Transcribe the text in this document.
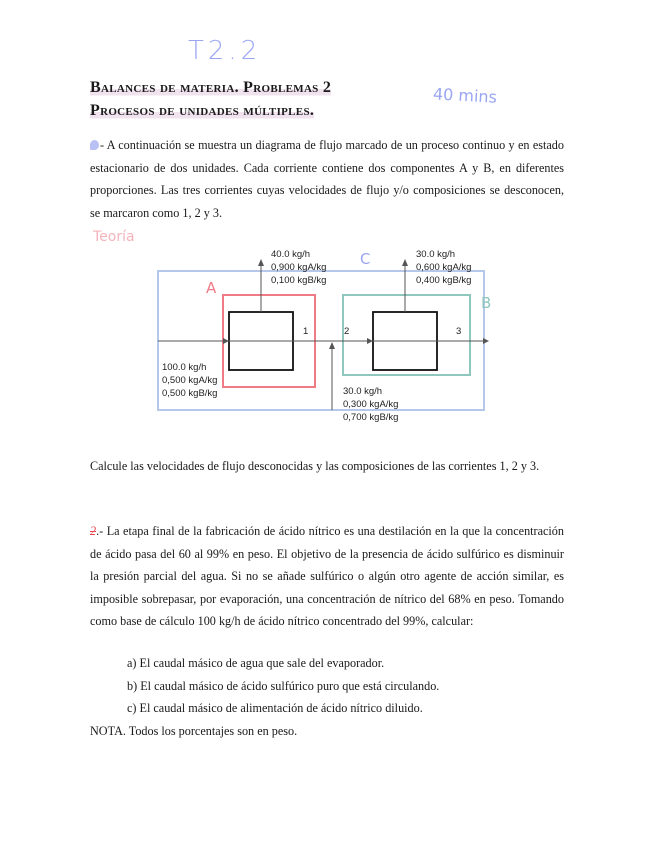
T2.2
40 mins
Balances de materia. Problemas 2
Procesos de unidades múltiples.

- A continuación se muestra un diagrama de flujo marcado de un proceso continuo y en estado estacionario de dos unidades. Cada corriente contiene dos componentes A y B, en diferentes proporciones. Las tres corrientes cuyas velocidades de flujo y/o composiciones se desconocen, se marcaron como 1, 2 y 3.

Teoría
40.0 kg/h
0,900 kgA/kg
0,100 kgB/kg
30.0 kg/h
0,600 kgA/kg
0,400 kgB/kg
100.0 kg/h
0,500 kgA/kg
0,500 kgB/kg	30.0 kg/h
0,300 kgA/kg
0,700 kgB/kg
1	2	3
A
C
B

Calcule las velocidades de flujo desconocidas y las composiciones de las corrientes 1, 2 y 3.

2.- La etapa final de la fabricación de ácido nítrico es una destilación en la que la concentración de ácido pasa del 60 al 99% en peso. El objetivo de la presencia de ácido sulfúrico es disminuir la presión parcial del agua. Si no se añade sulfúrico o algún otro agente de acción similar, es imposible sobrepasar, por evaporación, una concentración de nítrico del 68% en peso. Tomando como base de cálculo 100 kg/h de ácido nítrico concentrado del 99%, calcular:

a) El caudal másico de agua que sale del evaporador.
b) El caudal másico de ácido sulfúrico puro que está circulando.
c) El caudal másico de alimentación de ácido nítrico diluido.

NOTA. Todos los porcentajes son en peso.
